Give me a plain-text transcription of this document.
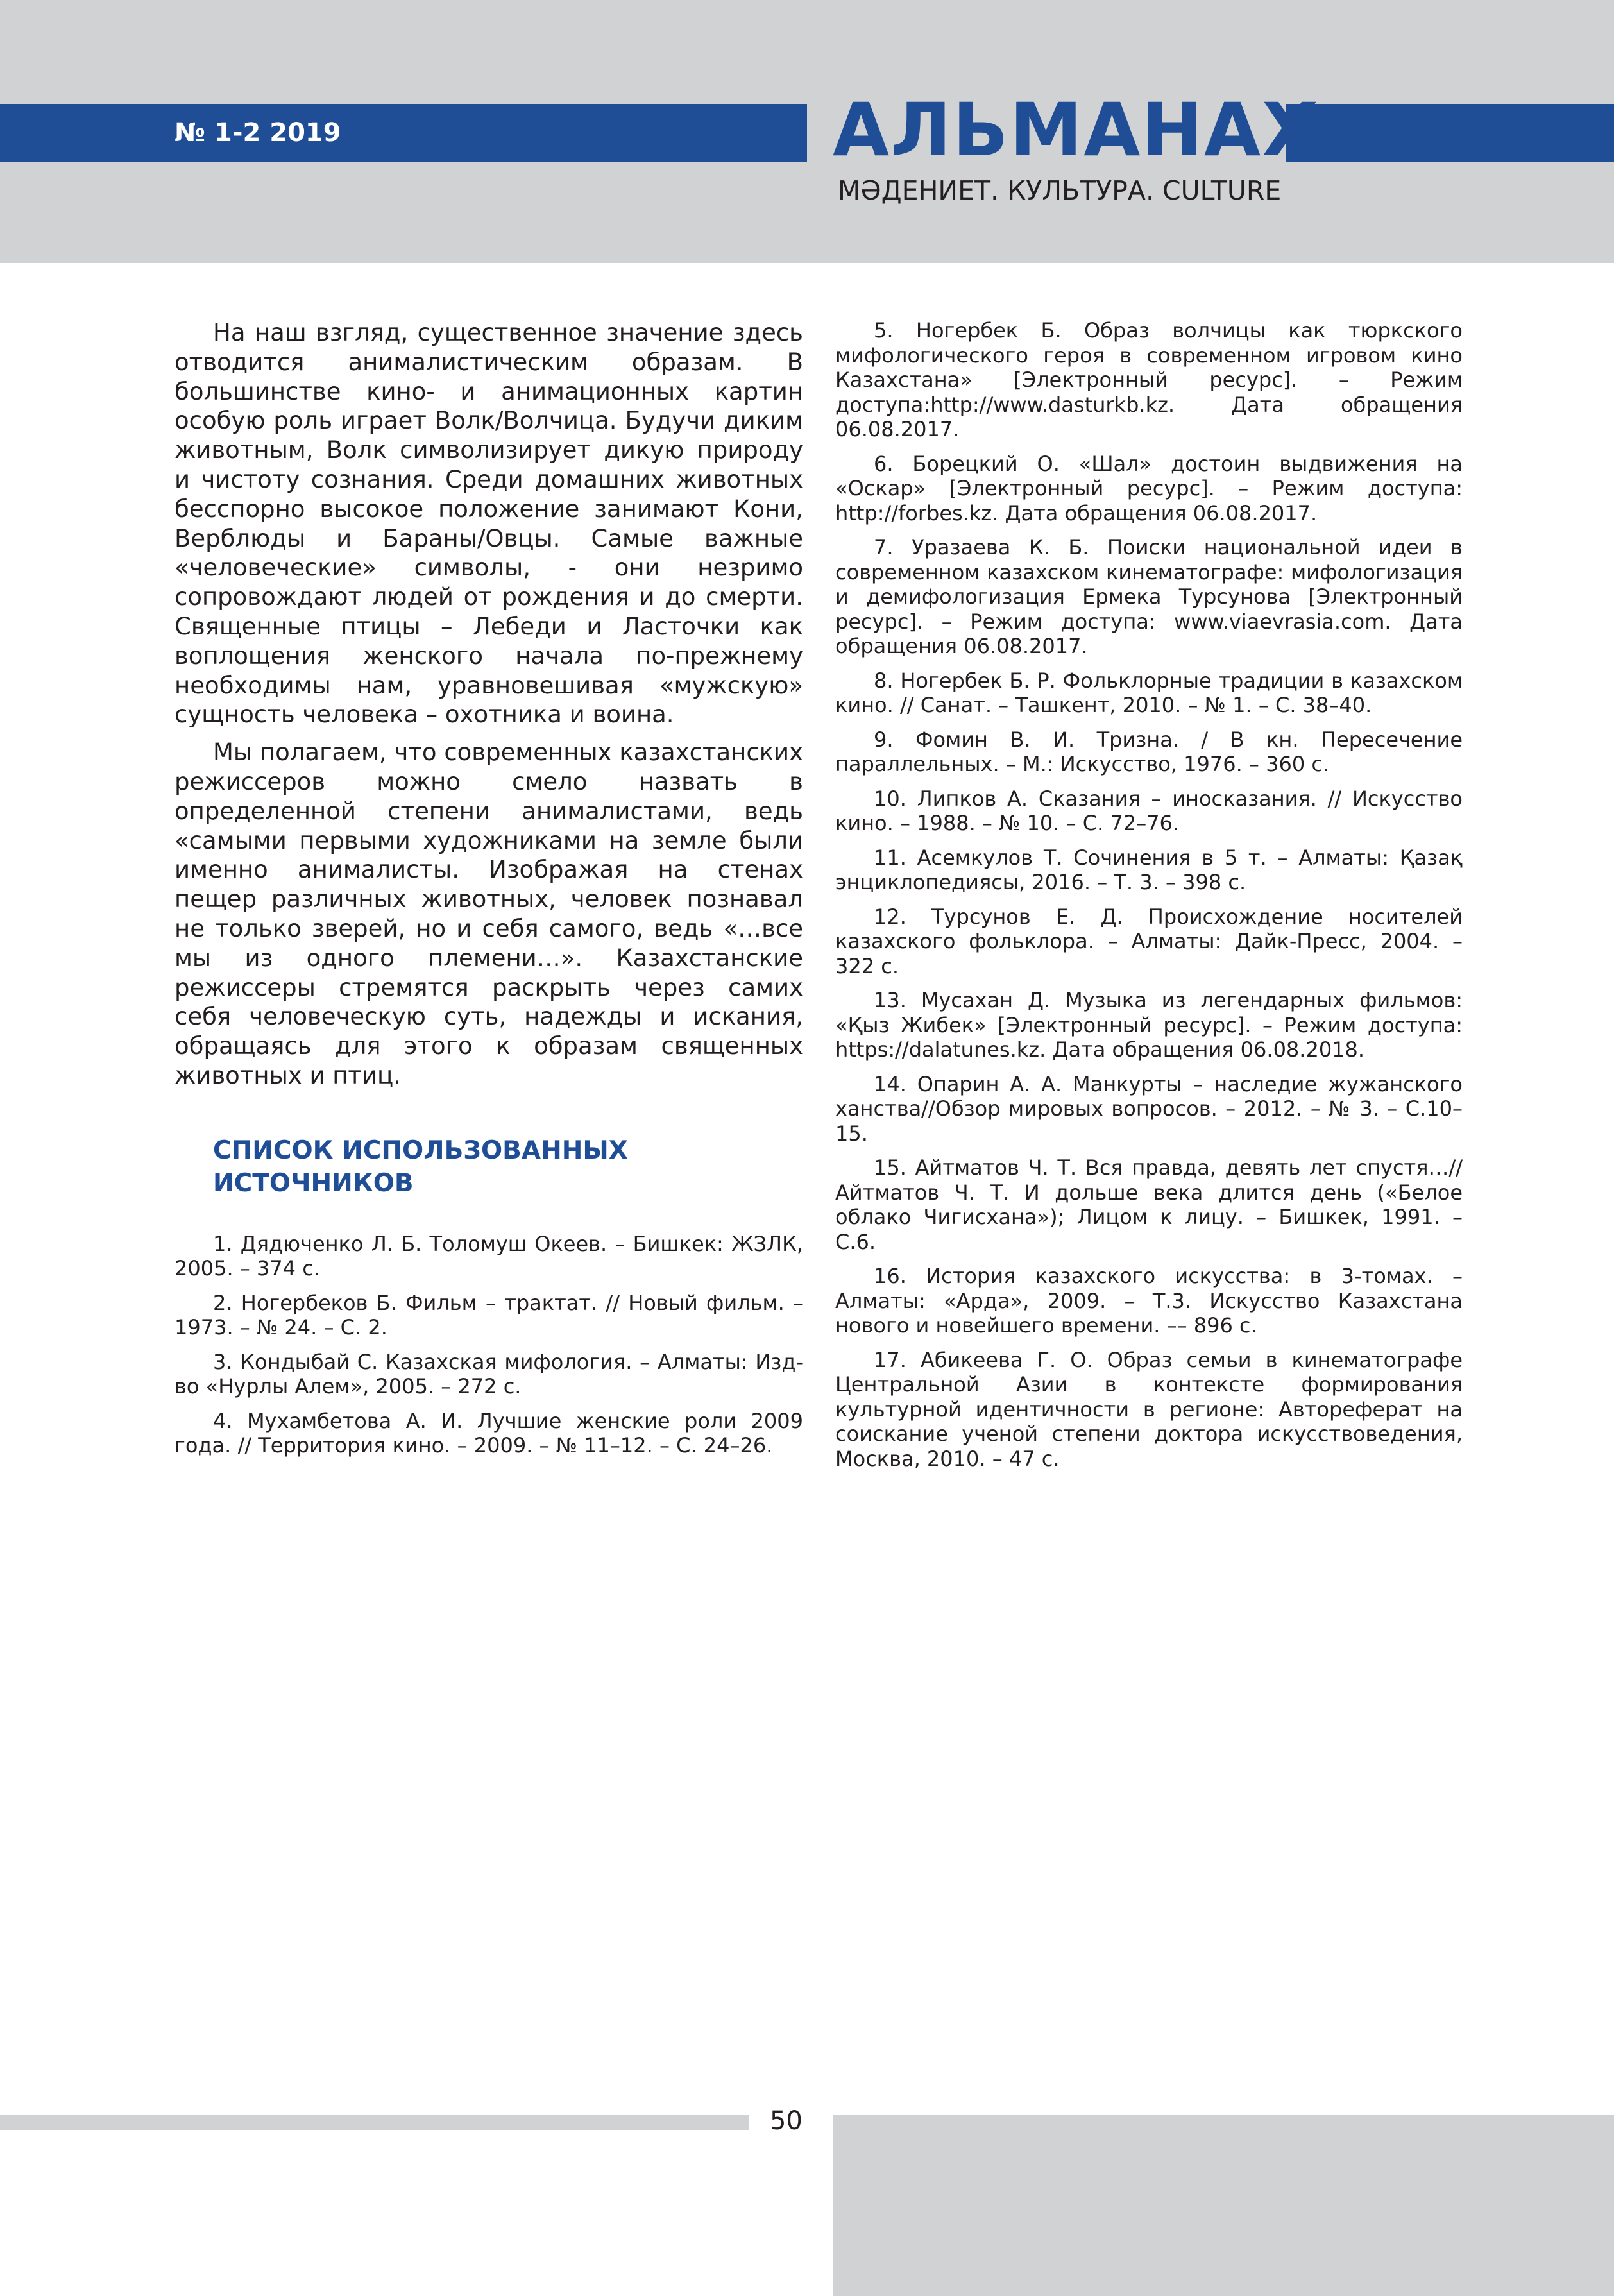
№ 1-2 2019	АЛЬМАНАХ
МӘДЕНИЕТ. КУЛЬТУРА. CULTURE

На наш взгляд, существенное значение здесь отводится анималистическим образам. В большинстве кино- и анимационных картин особую роль играет Волк/Волчица. Будучи диким животным, Волк символизирует дикую природу и чистоту сознания. Среди домашних животных бесспорно высокое положение занимают Кони, Верблюды и Бараны/Овцы. Самые важные «человеческие» символы, - они незримо сопровождают людей от рождения и до смерти. Священные птицы – Лебеди и Ласточки как воплощения женского начала по-прежнему необходимы нам, уравновешивая «мужскую» сущность человека – охотника и воина.

Мы полагаем, что современных казахстанских режиссеров можно смело назвать в определенной степени анималистами, ведь «самыми первыми художниками на земле были именно анималисты. Изображая на стенах пещер различных животных, человек познавал не только зверей, но и себя самого, ведь «…все мы из одного племени…». Казахстанские режиссеры стремятся раскрыть через самих себя человеческую суть, надежды и искания, обращаясь для этого к образам священных животных и птиц.

СПИСОК ИСПОЛЬЗОВАННЫХ ИСТОЧНИКОВ

1. Дядюченко Л. Б. Толомуш Океев. – Бишкек: ЖЗЛК, 2005. – 374 с.

2. Ногербеков Б. Фильм – трактат. // Новый фильм. – 1973. – № 24. – С. 2.

3. Кондыбай С. Казахская мифология. – Алматы: Изд-во «Нурлы Алем», 2005. – 272 с.

4. Мухамбетова А. И. Лучшие женские роли 2009 года. // Территория кино. – 2009. – № 11–12. – С. 24–26.

5. Ногербек Б. Образ волчицы как тюркского мифологического героя в современном игровом кино Казахстана» [Электронный ресурс]. – Режим доступа:http://www.dasturkb.kz. Дата обращения 06.08.2017.

6. Борецкий О. «Шал» достоин выдвижения на «Оскар» [Электронный ресурс]. – Режим доступа: http://forbes.kz. Дата обращения 06.08.2017.

7. Уразаева К. Б. Поиски национальной идеи в современном казахском кинематографе: мифологизация и демифологизация Ермека Турсунова [Электронный ресурс]. – Режим доступа: www.viaevrasia.com. Дата обращения 06.08.2017.

8. Ногербек Б. Р. Фольклорные традиции в казахском кино. // Санат. – Ташкент, 2010. – № 1. – С. 38–40.

9. Фомин В. И. Тризна. / В кн. Пересечение параллельных. – М.: Искусство, 1976. – 360 с.

10. Липков А. Сказания – иносказания. // Искусство кино. – 1988. – № 10. – С. 72–76.

11. Асемкулов Т. Сочинения в 5 т. – Алматы: Қазақ энциклопедиясы, 2016. – Т. 3. – 398 с.

12. Турсунов Е. Д. Происхождение носителей казахского фольклора. – Алматы: Дайк-Пресс, 2004. – 322 с.

13. Мусахан Д. Музыка из легендарных фильмов: «Қыз Жибек» [Электронный ресурс]. – Режим доступа: https://dalatunes.kz. Дата обращения 06.08.2018.

14. Опарин А. А. Манкурты – наследие жужанского ханства//Обзор мировых вопросов. – 2012. – № 3. – С.10–15.

15. Айтматов Ч. Т. Вся правда, девять лет спустя…// Айтматов Ч. Т. И дольше века длится день («Белое облако Чигисхана»); Лицом к лицу. – Бишкек, 1991. – С.6.

16. История казахского искусства: в 3-томах. – Алматы: «Арда», 2009. – Т.3. Искусство Казахстана нового и новейшего времени. –– 896 с.

17. Абикеева Г. О. Образ семьи в кинематографе Центральной Азии в контексте формирования культурной идентичности в регионе: Автореферат на соискание ученой степени доктора искусствоведения, Москва, 2010. – 47 с.

50
